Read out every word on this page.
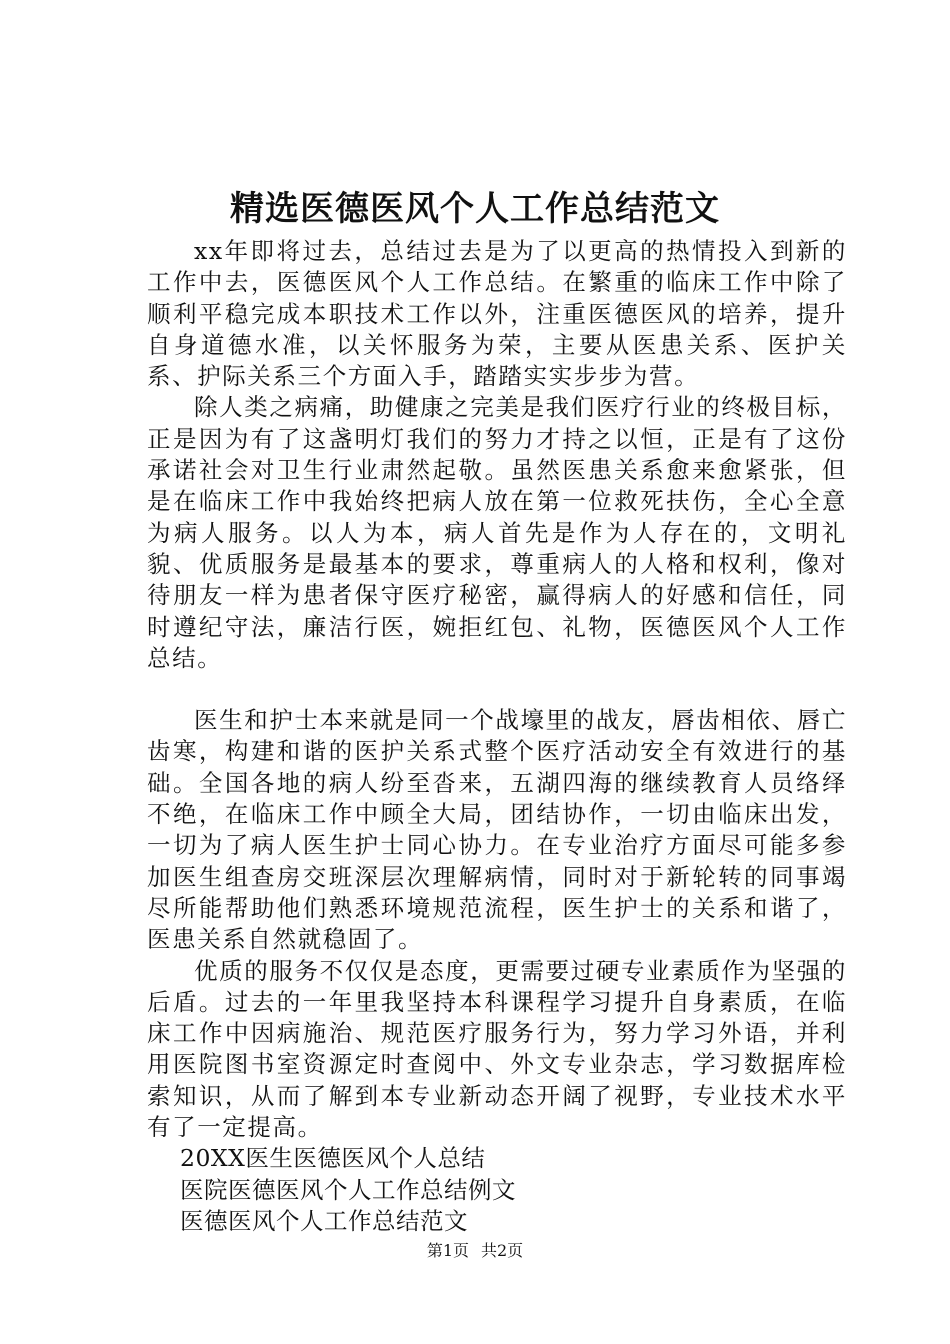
精选医德医风个人工作总结范文

xx年即将过去，总结过去是为了以更高的热情投入到新的工作中去，医德医风个人工作总结。在繁重的临床工作中除了顺利平稳完成本职技术工作以外，注重医德医风的培养，提升自身道德水准，以关怀服务为荣，主要从医患关系、医护关系、护际关系三个方面入手，踏踏实实步步为营。

除人类之病痛，助健康之完美是我们医疗行业的终极目标，正是因为有了这盏明灯我们的努力才持之以恒，正是有了这份承诺社会对卫生行业肃然起敬。虽然医患关系愈来愈紧张，但是在临床工作中我始终把病人放在第一位救死扶伤，全心全意为病人服务。以人为本，病人首先是作为人存在的，文明礼貌、优质服务是最基本的要求，尊重病人的人格和权利，像对待朋友一样为患者保守医疗秘密，赢得病人的好感和信任，同时遵纪守法，廉洁行医，婉拒红包、礼物，医德医风个人工作总结。

医生和护士本来就是同一个战壕里的战友，唇齿相依、唇亡齿寒，构建和谐的医护关系式整个医疗活动安全有效进行的基础。全国各地的病人纷至沓来，五湖四海的继续教育人员络绎不绝，在临床工作中顾全大局，团结协作，一切由临床出发，一切为了病人医生护士同心协力。在专业治疗方面尽可能多参加医生组查房交班深层次理解病情，同时对于新轮转的同事竭尽所能帮助他们熟悉环境规范流程，医生护士的关系和谐了，医患关系自然就稳固了。

优质的服务不仅仅是态度，更需要过硬专业素质作为坚强的后盾。过去的一年里我坚持本科课程学习提升自身素质，在临床工作中因病施治、规范医疗服务行为，努力学习外语，并利用医院图书室资源定时查阅中、外文专业杂志，学习数据库检索知识，从而了解到本专业新动态开阔了视野，专业技术水平有了一定提高。

20XX医生医德医风个人总结

医院医德医风个人工作总结例文

医德医风个人工作总结范文

第1页 共2页
